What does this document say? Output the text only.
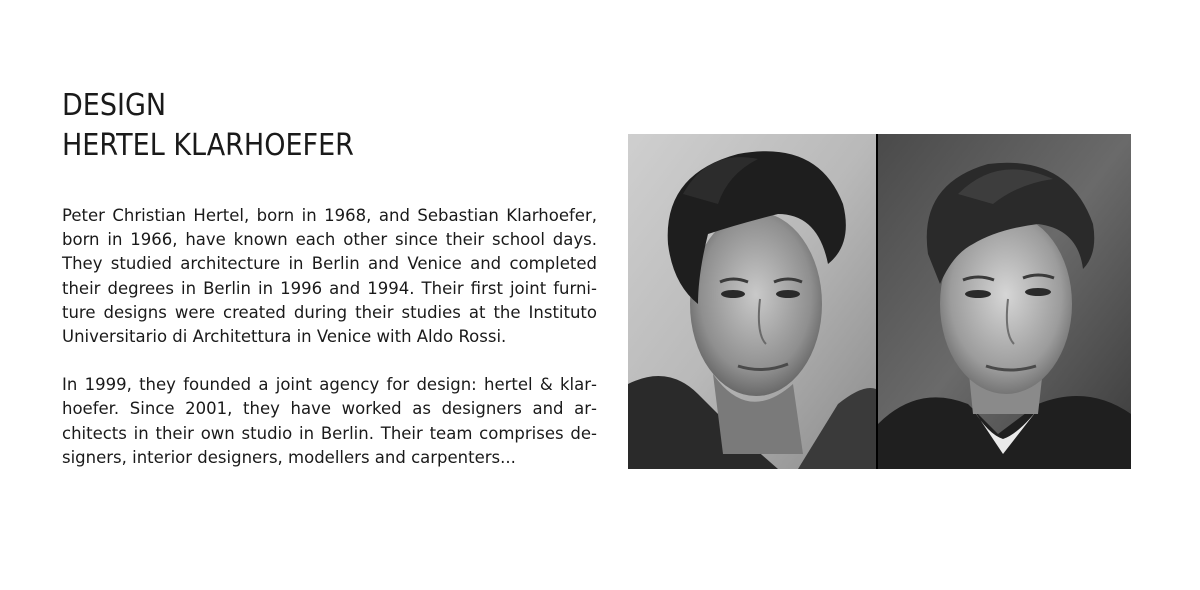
DESIGN
HERTEL KLARHOEFER

Peter Christian Hertel, born in 1968, and Sebastian Klarhoefer, born in 1966, have known each other since their school days. They studied architecture in Berlin and Venice and completed their degrees in Berlin in 1996 and 1994. Their first joint furniture designs were created during their studies at the Instituto Universitario di Architettura in Venice with Aldo Rossi.

In 1999, they founded a joint agency for design: hertel & klarhoefer. Since 2001, they have worked as designers and architects in their own studio in Berlin. Their team comprises designers, interior designers, modellers and carpenters...
